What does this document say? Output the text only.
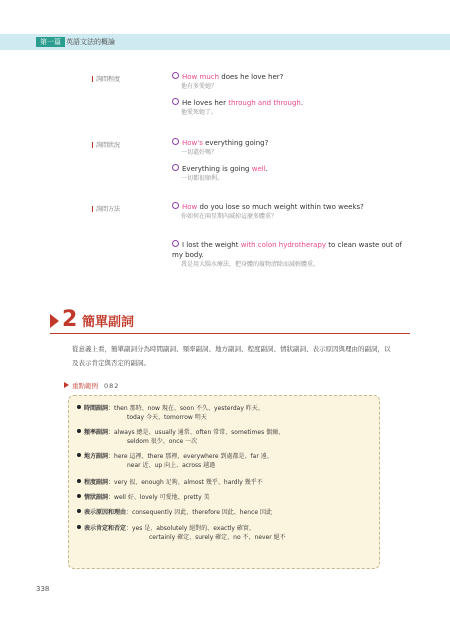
第一篇 英語文法的概論
詢問程度	How much does he love her?
他有多愛她？
He loves her through and through.
他愛死她了。
詢問狀況	How's everything going?
一切還好嗎？
Everything is going well.
一切都很順利。
詢問方法	How do you lose so much weight within two weeks?
你如何在兩星期內減掉這麼多體重？
I lost the weight with colon hydrotherapy to clean waste out of my body.
我是用大腸水療法，把身體的廢物清除而減輕體重。
2 簡單副詞
從意義上看，簡單副詞分為時間副詞、頻率副詞、地方副詞、程度副詞、情狀副詞、表示原因與理由的副詞，以及表示肯定與否定的副詞。
重點範例 082
時間副詞：then 那時、now 現在、soon 不久、yesterday 昨天、
today 今天、tomorrow 明天
頻率副詞：always 總是、usually 通常、often 常常、sometimes 偶爾、
seldom 很少、once 一次
地方副詞：here 這裡、there 那裡、everywhere 到處都是、far 遠、
near 近、up 向上、across 越過
程度副詞：very 很、enough 足夠、almost 幾乎、hardly 幾乎不
情狀副詞：well 好、lovely 可愛地、pretty 美
表示原因和理由：consequently 因此、therefore 因此、hence 因此
表示肯定和否定：yes 是、absolutely 絕對的、exactly 確實、
certainly 確定、surely 確定、no 不、never 絕不
338
